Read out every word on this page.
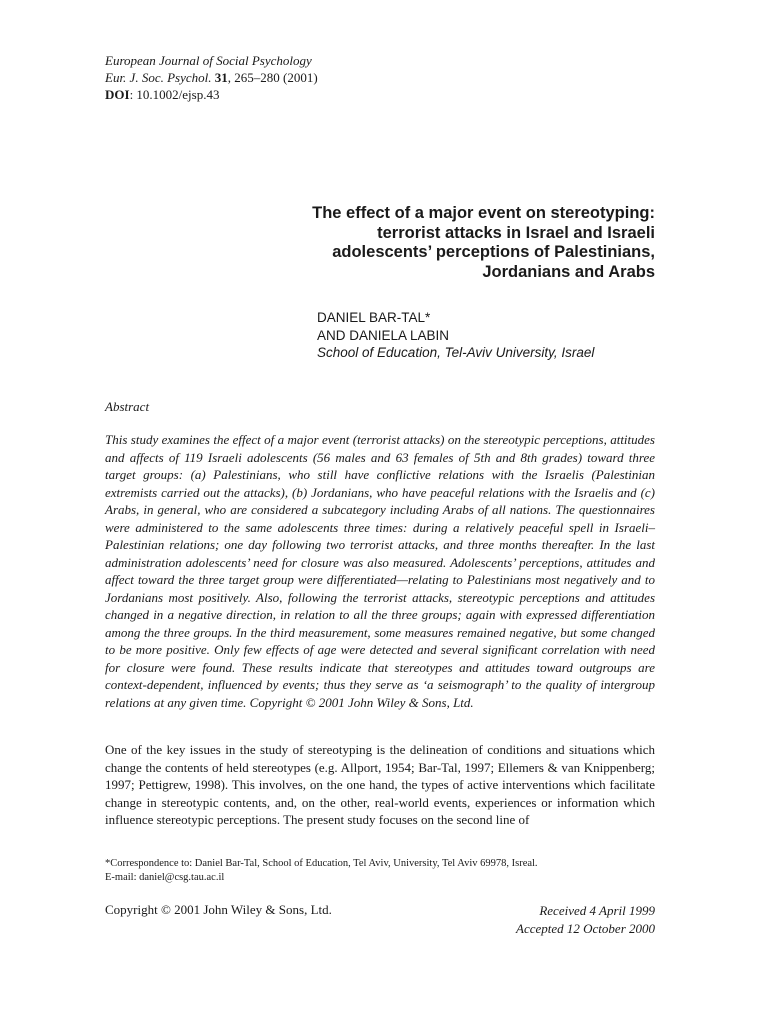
European Journal of Social Psychology
Eur. J. Soc. Psychol. 31, 265–280 (2001)
DOI: 10.1002/ejsp.43
The effect of a major event on stereotyping:
terrorist attacks in Israel and Israeli
adolescents’ perceptions of Palestinians,
Jordanians and Arabs
DANIEL BAR-TAL*
AND DANIELA LABIN
School of Education, Tel-Aviv University, Israel
Abstract
This study examines the effect of a major event (terrorist attacks) on the stereotypic perceptions, attitudes and affects of 119 Israeli adolescents (56 males and 63 females of 5th and 8th grades) toward three target groups: (a) Palestinians, who still have conflictive relations with the Israelis (Palestinian extremists carried out the attacks), (b) Jordanians, who have peaceful relations with the Israelis and (c) Arabs, in general, who are considered a subcategory including Arabs of all nations. The questionnaires were administered to the same adolescents three times: during a relatively peaceful spell in Israeli–Palestinian relations; one day following two terrorist attacks, and three months thereafter. In the last administration adolescents’ need for closure was also measured. Adolescents’ perceptions, attitudes and affect toward the three target group were differentiated—relating to Palestinians most negatively and to Jordanians most positively. Also, following the terrorist attacks, stereotypic perceptions and attitudes changed in a negative direction, in relation to all the three groups; again with expressed differentiation among the three groups. In the third measurement, some measures remained negative, but some changed to be more positive. Only few effects of age were detected and several significant correlation with need for closure were found. These results indicate that stereotypes and attitudes toward outgroups are context-dependent, influenced by events; thus they serve as ‘a seismograph’ to the quality of intergroup relations at any given time. Copyright © 2001 John Wiley & Sons, Ltd.
One of the key issues in the study of stereotyping is the delineation of conditions and situations which change the contents of held stereotypes (e.g. Allport, 1954; Bar-Tal, 1997; Ellemers & van Knippenberg; 1997; Pettigrew, 1998). This involves, on the one hand, the types of active interventions which facilitate change in stereotypic contents, and, on the other, real-world events, experiences or information which influence stereotypic perceptions. The present study focuses on the second line of
*Correspondence to: Daniel Bar-Tal, School of Education, Tel Aviv, University, Tel Aviv 69978, Isreal.
E-mail: daniel@csg.tau.ac.il
Copyright © 2001 John Wiley & Sons, Ltd.	Received 4 April 1999
Accepted 12 October 2000
